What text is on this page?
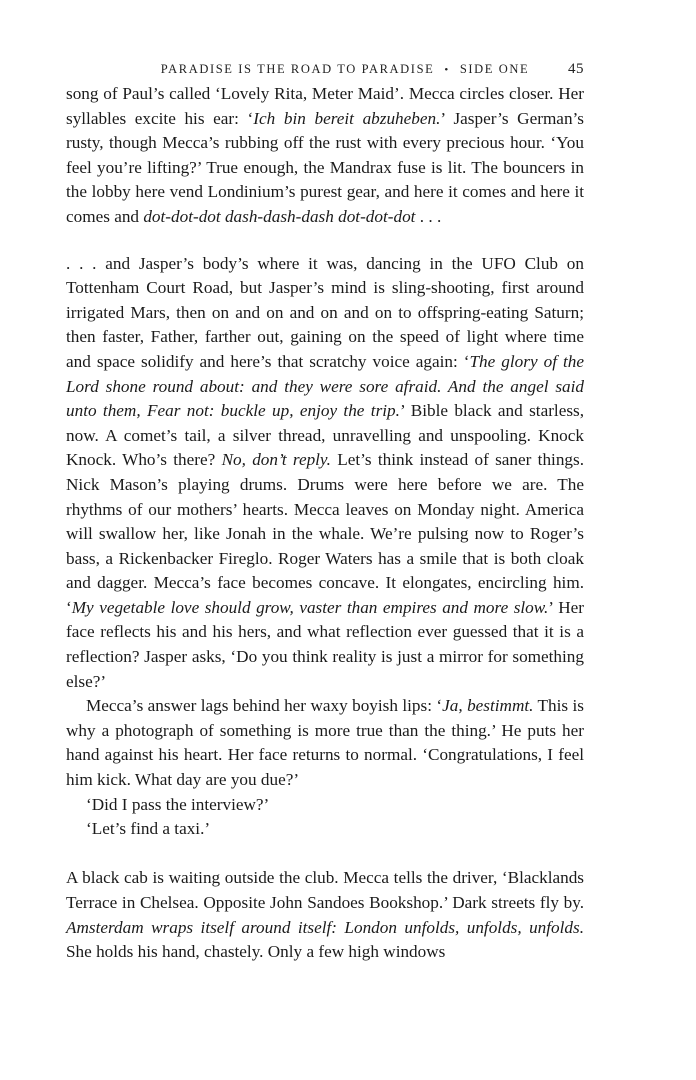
PARADISE IS THE ROAD TO PARADISE • SIDE ONE	45

song of Paul’s called ‘Lovely Rita, Meter Maid’. Mecca circles closer. Her syllables excite his ear: ‘Ich bin bereit abzuheben.’ Jasper’s German’s rusty, though Mecca’s rubbing off the rust with every precious hour. ‘You feel you’re lifting?’ True enough, the Mandrax fuse is lit. The bouncers in the lobby here vend Londinium’s purest gear, and here it comes and here it comes and dot-dot-dot dash-dash-dash dot-dot-dot . . .

. . . and Jasper’s body’s where it was, dancing in the UFO Club on Tottenham Court Road, but Jasper’s mind is sling-shooting, first around irrigated Mars, then on and on and on and on to offspring-eating Saturn; then faster, Father, farther out, gaining on the speed of light where time and space solidify and here’s that scratchy voice again: ‘The glory of the Lord shone round about: and they were sore afraid. And the angel said unto them, Fear not: buckle up, enjoy the trip.’ Bible black and starless, now. A comet’s tail, a silver thread, unravelling and unspooling. Knock Knock. Who’s there? No, don’t reply. Let’s think instead of saner things. Nick Mason’s playing drums. Drums were here before we are. The rhythms of our mothers’ hearts. Mecca leaves on Monday night. America will swallow her, like Jonah in the whale. We’re pulsing now to Roger’s bass, a Rickenbacker Fireglo. Roger Waters has a smile that is both cloak and dagger. Mecca’s face becomes concave. It elongates, encircling him. ‘My vegetable love should grow, vaster than empires and more slow.’ Her face reflects his and his hers, and what reflection ever guessed that it is a reflection? Jasper asks, ‘Do you think reality is just a mirror for something else?’

Mecca’s answer lags behind her waxy boyish lips: ‘Ja, bestimmt. This is why a photograph of something is more true than the thing.’ He puts her hand against his heart. Her face returns to normal. ‘Congratulations, I feel him kick. What day are you due?’

‘Did I pass the interview?’

‘Let’s find a taxi.’

A black cab is waiting outside the club. Mecca tells the driver, ‘Blacklands Terrace in Chelsea. Opposite John Sandoes Bookshop.’ Dark streets fly by. Amsterdam wraps itself around itself: London unfolds, unfolds, unfolds. She holds his hand, chastely. Only a few high windows
